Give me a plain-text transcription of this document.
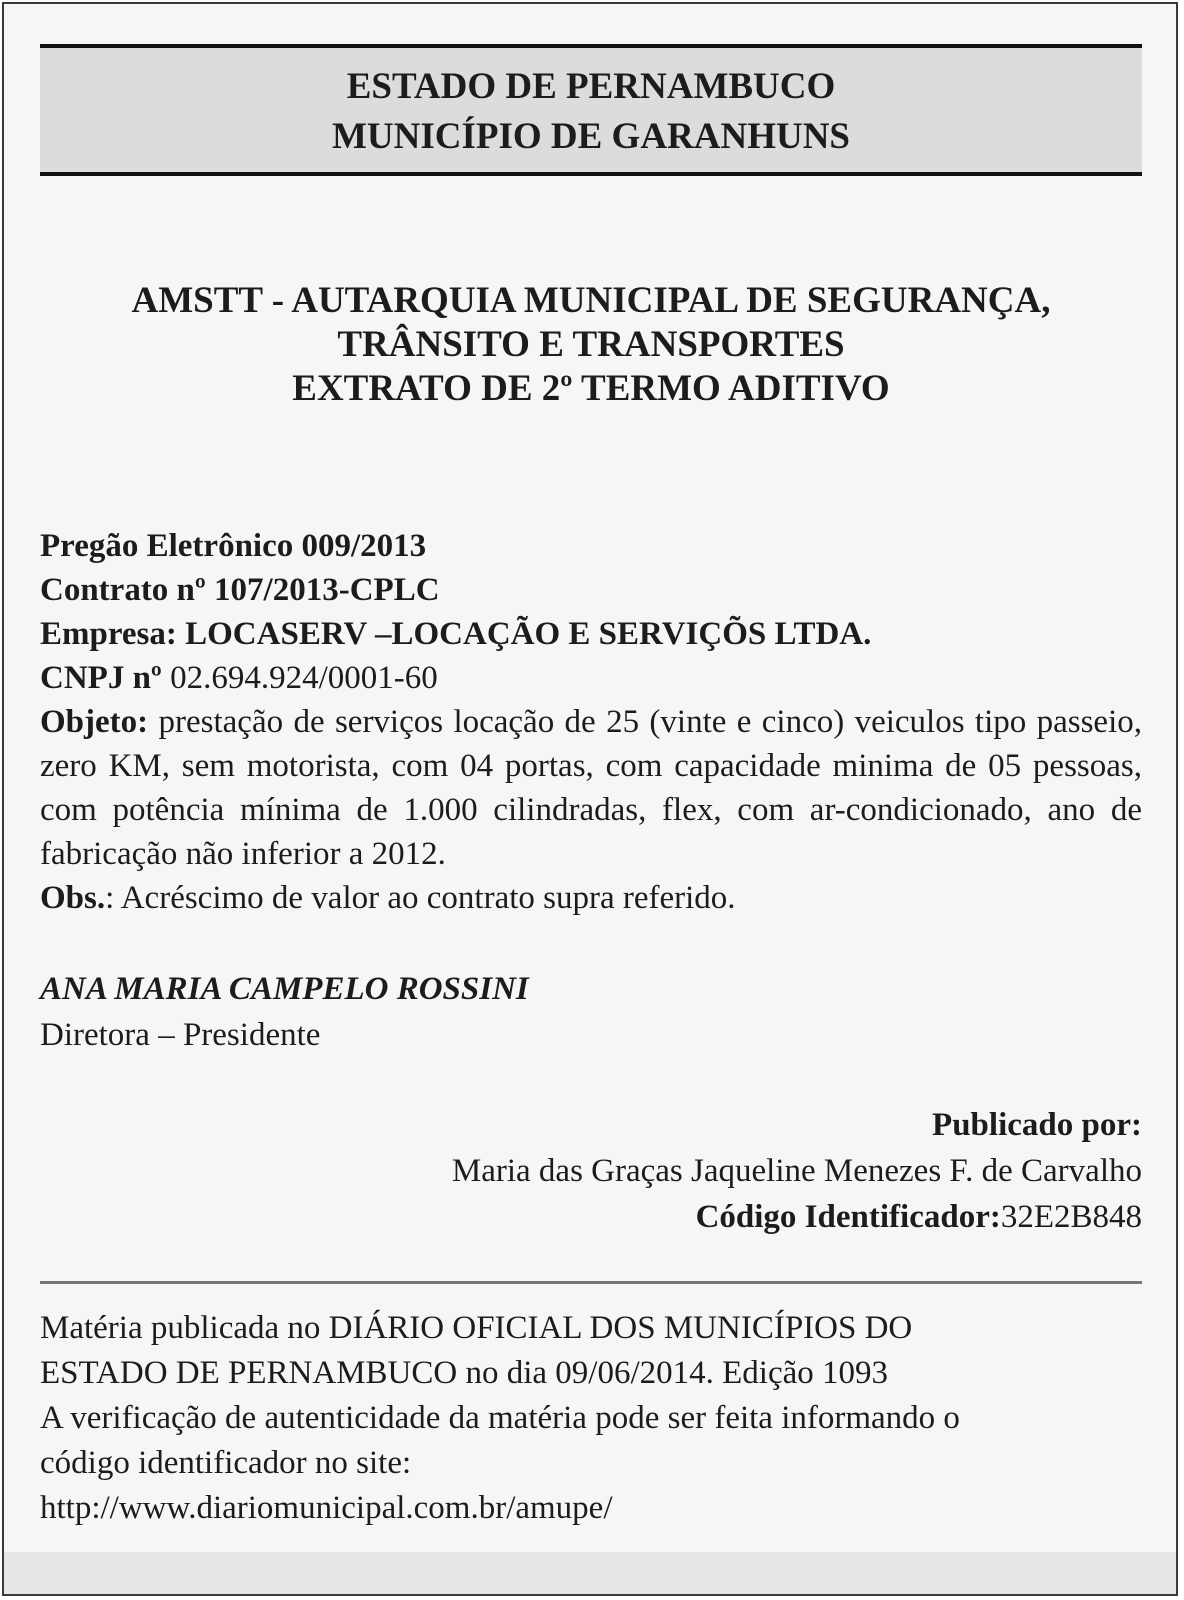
ESTADO DE PERNAMBUCO
MUNICÍPIO DE GARANHUNS
AMSTT - AUTARQUIA MUNICIPAL DE SEGURANÇA,
TRÂNSITO E TRANSPORTES
EXTRATO DE 2º TERMO ADITIVO
Pregão Eletrônico 009/2013
Contrato nº 107/2013-CPLC
Empresa: LOCASERV –LOCAÇÃO E SERVIÇÕS LTDA.
CNPJ nº 02.694.924/0001-60
Objeto: prestação de serviços locação de 25 (vinte e cinco) veiculos tipo passeio, zero KM, sem motorista, com 04 portas, com capacidade minima de 05 pessoas, com potência mínima de 1.000 cilindradas, flex, com ar-condicionado, ano de fabricação não inferior a 2012.
Obs.: Acréscimo de valor ao contrato supra referido.
ANA MARIA CAMPELO ROSSINI
Diretora – Presidente
Publicado por:
Maria das Graças Jaqueline Menezes F. de Carvalho
Código Identificador:32E2B848
Matéria publicada no DIÁRIO OFICIAL DOS MUNICÍPIOS DO
ESTADO DE PERNAMBUCO no dia 09/06/2014. Edição 1093
A verificação de autenticidade da matéria pode ser feita informando o
código identificador no site:
http://www.diariomunicipal.com.br/amupe/
